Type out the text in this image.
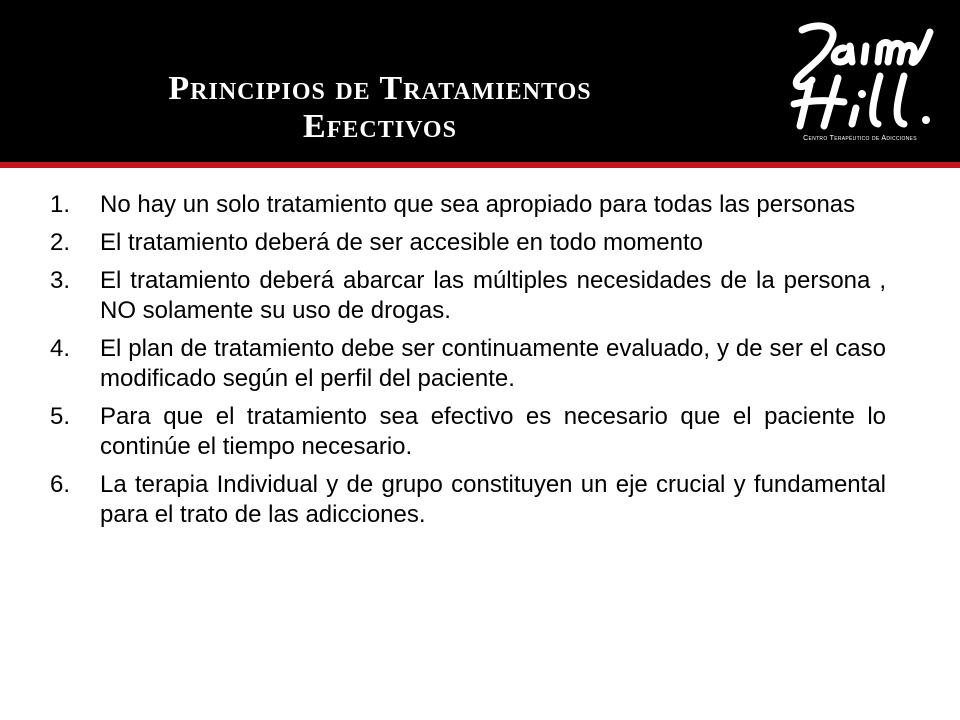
Principios de Tratamientos
Efectivos	Centro Terapéutico de Adicciones
1.	No hay un solo tratamiento que sea apropiado para todas las personas
2.	El tratamiento deberá de ser accesible en todo momento
3.	El tratamiento deberá abarcar las múltiples necesidades de la persona , NO solamente su uso de drogas.
4.	El plan de tratamiento debe ser continuamente evaluado, y de ser el caso modificado según el perfil del paciente.
5.	Para que el tratamiento sea efectivo es necesario que el paciente lo continúe el tiempo necesario.
6.	La terapia Individual y de grupo constituyen un eje crucial y fundamental para el trato de las adicciones.
